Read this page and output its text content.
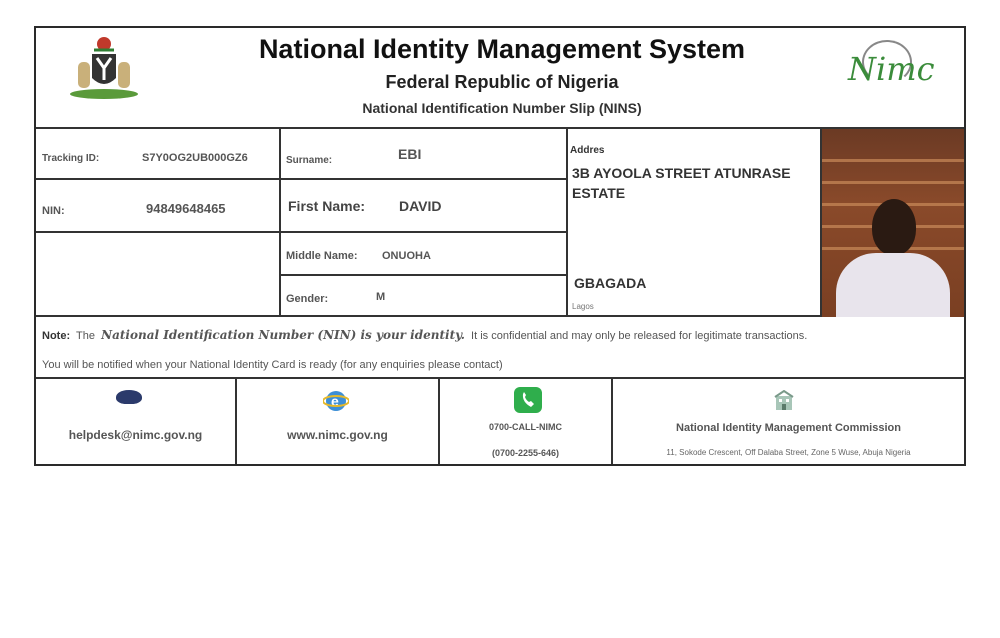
National Identity Management System
Federal Republic of Nigeria
National Identification Number Slip (NINS)
Nimc
Tracking ID:	S7Y0OG2UB000GZ6
NIN:	94849648465
Surname:	EBI
First Name: DAVID
Middle Name: ONUOHA
Gender:	M
Addres
3B AYOOLA STREET ATUNRASE
ESTATE
GBAGADA
Lagos
Note: The National Identification Number (NIN) is your identity. It is confidential and may only be released for legitimate transactions.
You will be notified when your National Identity Card is ready (for any enquiries please contact)
helpdesk@nimc.gov.ng
e
www.nimc.gov.ng
0700-CALL-NIMC
(0700-2255-646)
National Identity Management Commission
11, Sokode Crescent, Off Dalaba Street, Zone 5 Wuse, Abuja Nigeria
